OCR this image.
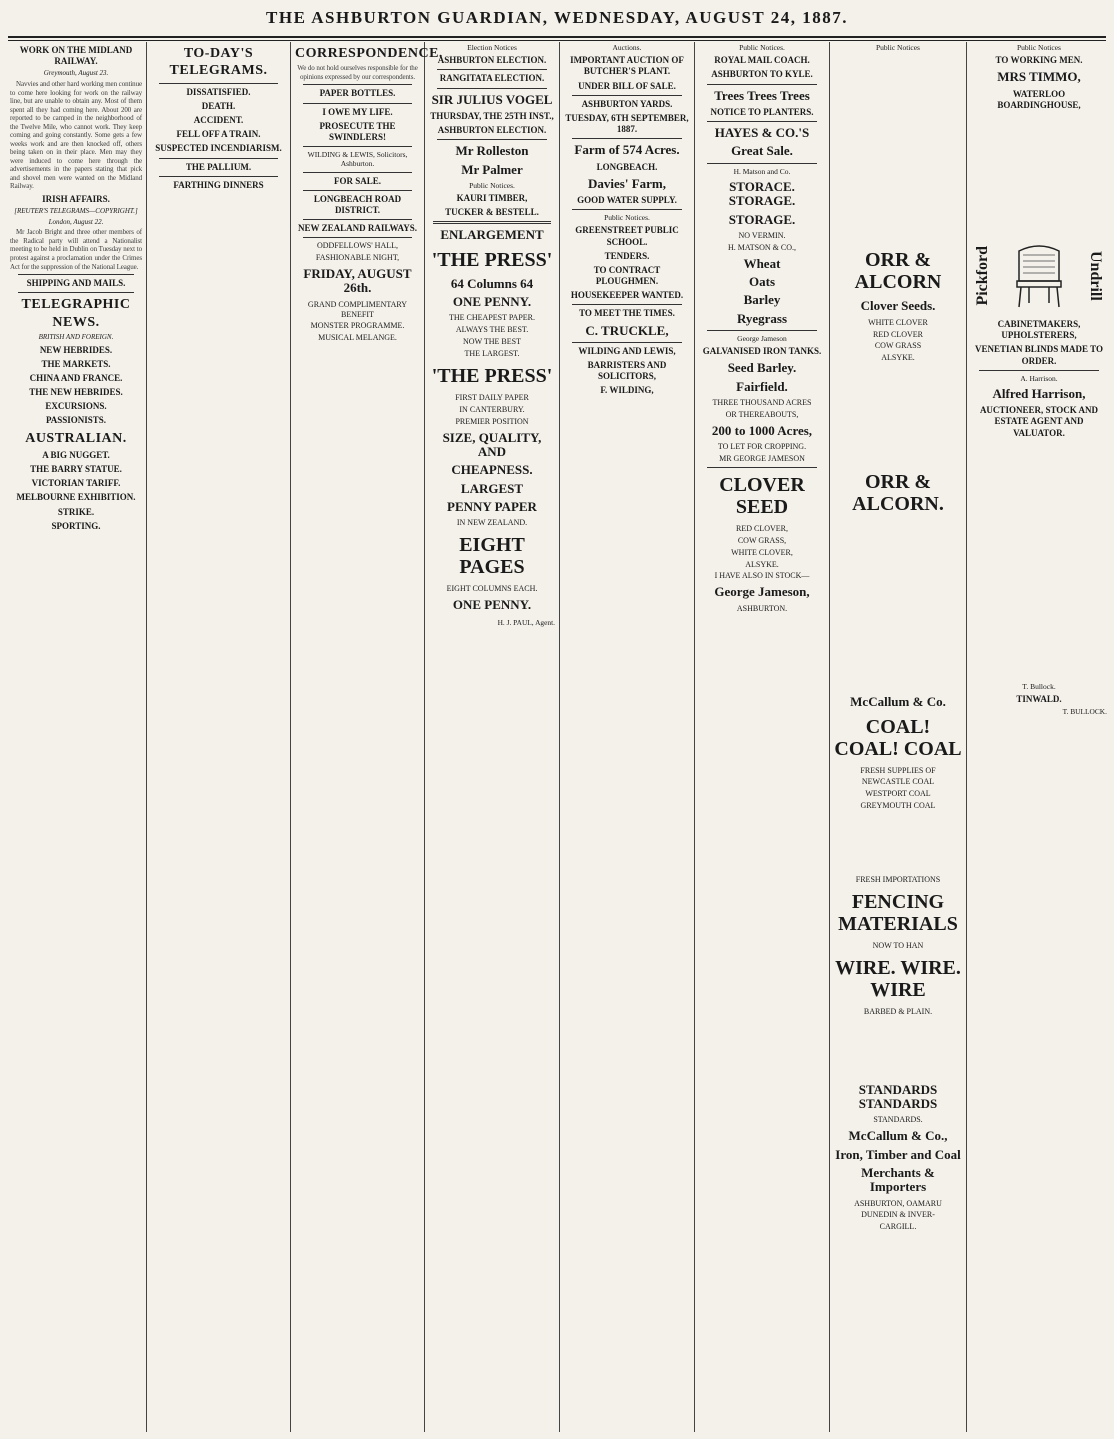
THE ASHBURTON GUARDIAN, WEDNESDAY, AUGUST 24, 1887.
WORK ON THE MIDLAND RAILWAY.
Greymouth, August 23.

Navvies and other hard working men continue to come here looking for work on the railway line, but are unable to obtain any. Most of them spent all they had coming here. About 200 are reported to be camped in the neighborhood of the Twelve Mile, who cannot work. They keep coming and going constantly. Some gets a few weeks work and are then knocked off, others being taken on in their place. Men may they were induced to come here through the advertisements in the papers stating that pick and shovel men were wanted on the Midland Railway.

IRISH AFFAIRS.
[REUTER'S TELEGRAMS—COPYRIGHT.]
London, August 22.

Mr Jacob Bright and three other members of the Radical party will attend a Nationalist meeting to be held in Dublin on Tuesday next to protest against a proclamation under the Crimes Act for the suppression of the National League.

SHIPPING AND MAILS.
TELEGRAPHIC NEWS.
BRITISH AND FOREIGN.
NEW HEBRIDES.
THE MARKETS.
CHINA AND FRANCE.
THE NEW HEBRIDES.
EXCURSIONS.
PASSIONISTS.
AUSTRALIAN.
A BIG NUGGET.
THE BARRY STATUE.
VICTORIAN TARIFF.
MELBOURNE EXHIBITION.
STRIKE.
SPORTING.
TO-DAY'S TELEGRAMS.
DISSATISFIED.
DEATH.
ACCIDENT.
FELL OFF A TRAIN.
SUSPECTED INCENDIARISM.
THE PALLIUM.
FARTHING DINNERS
CORRESPONDENCE.

We do not hold ourselves responsible for the opinions expressed by our correspondents.

PAPER BOTTLES.
I OWE MY LIFE.
PROSECUTE THE SWINDLERS!
WILDING & LEWIS, Solicitors, Ashburton.
FOR SALE.
LONGBEACH ROAD DISTRICT.
NEW ZEALAND RAILWAYS.
ODDFELLOWS' HALL,
FASHIONABLE NIGHT,
FRIDAY, AUGUST 26th.
GRAND COMPLIMENTARY BENEFIT
MONSTER PROGRAMME.
MUSICAL MELANGE.
Election Notices
ASHBURTON ELECTION.
RANGITATA ELECTION.
SIR JULIUS VOGEL
THURSDAY, THE 25TH INST.,
ASHBURTON ELECTION.
Mr Rolleston
Mr Palmer
Public Notices.
KAURI TIMBER,
TUCKER & BESTELL.
ENLARGEMENT
'THE PRESS'
64 Columns 64
ONE PENNY.
THE CHEAPEST PAPER.
ALWAYS THE BEST.
NOW THE BEST
THE LARGEST.
'THE PRESS'
FIRST DAILY PAPER
IN CANTERBURY.
PREMIER POSITION
SIZE, QUALITY, AND
CHEAPNESS.
LARGEST
PENNY PAPER
IN NEW ZEALAND.
EIGHT PAGES
EIGHT COLUMNS EACH.
ONE PENNY.
H. J. PAUL, Agent.
Auctions.
IMPORTANT AUCTION OF BUTCHER'S PLANT.
UNDER BILL OF SALE.
ASHBURTON YARDS.
TUESDAY, 6TH SEPTEMBER, 1887.
Farm of 574 Acres.
LONGBEACH.
Davies' Farm,
GOOD WATER SUPPLY.
Public Notices.
GREENSTREET PUBLIC SCHOOL.
TENDERS.
TO CONTRACT PLOUGHMEN.
HOUSEKEEPER WANTED.
TO MEET THE TIMES.
C. TRUCKLE,
WILDING AND LEWIS,
BARRISTERS AND SOLICITORS,
F. WILDING,
Public Notices.
ROYAL MAIL COACH.
ASHBURTON TO KYLE.
Trees Trees Trees
NOTICE TO PLANTERS.
HAYES & CO.'S
Great Sale.
H. Matson and Co.
STORACE. STORAGE.
STORAGE.
NO VERMIN.
H. MATSON & CO.,
Wheat
Oats
Barley
Ryegrass
George Jameson
GALVANISED IRON TANKS.
Seed Barley.
Fairfield.
THREE THOUSAND ACRES
OR THEREABOUTS,
200 to 1000 Acres,
TO LET FOR CROPPING.
MR GEORGE JAMESON
CLOVER SEED
RED CLOVER,
COW GRASS,
WHITE CLOVER,
ALSYKE.
I HAVE ALSO IN STOCK—
George Jameson,
ASHBURTON.
Public Notices
ORR & ALCORN
Clover Seeds.
WHITE CLOVER
RED CLOVER
COW GRASS
ALSYKE.
ORR & ALCORN.
McCallum & Co.
COAL! COAL! COAL
FRESH SUPPLIES OF
NEWCASTLE COAL
WESTPORT COAL
GREYMOUTH COAL
FRESH IMPORTATIONS
FENCING MATERIALS
NOW TO HAN
WIRE. WIRE. WIRE
BARBED & PLAIN.
STANDARDS STANDARDS
STANDARDS.
McCallum & Co.,
Iron, Timber and Coal
Merchants & Importers
ASHBURTON, OAMARU
DUNEDIN & INVER-
CARGILL.
Public Notices
TO WORKING MEN.
MRS TIMMO,
WATERLOO BOARDINGHOUSE,
Pickford	Undrill
CABINETMAKERS, UPHOLSTERERS,
VENETIAN BLINDS MADE TO ORDER.
A. Harrison.
Alfred Harrison,
AUCTIONEER, STOCK AND ESTATE AGENT AND VALUATOR.
T. Bullock.
TINWALD.
T. BULLOCK.
